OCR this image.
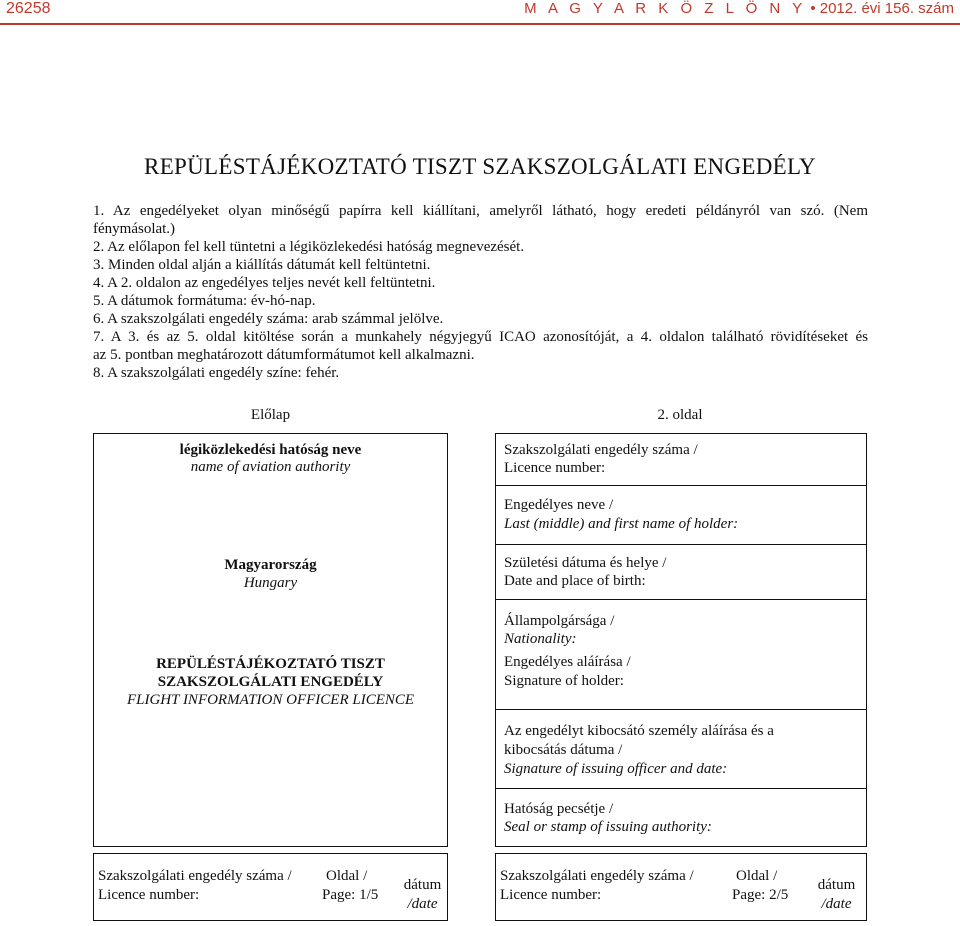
26258	M A G Y A R K Ö Z L Ö N Y • 2012. évi 156. szám
REPÜLÉSTÁJÉKOZTATÓ TISZT SZAKSZOLGÁLATI ENGEDÉLY
1. Az engedélyeket olyan minőségű papírra kell kiállítani, amelyről látható, hogy eredeti példányról van szó. (Nem
fénymásolat.)
2. Az előlapon fel kell tüntetni a légiközlekedési hatóság megnevezését.
3. Minden oldal alján a kiállítás dátumát kell feltüntetni.
4. A 2. oldalon az engedélyes teljes nevét kell feltüntetni.
5. A dátumok formátuma: év-hó-nap.
6. A szakszolgálati engedély száma: arab számmal jelölve.
7. A 3. és az 5. oldal kitöltése során a munkahely négyjegyű ICAO azonosítóját, a 4. oldalon található rövidítéseket és
az 5. pontban meghatározott dátumformátumot kell alkalmazni.
8. A szakszolgálati engedély színe: fehér.
Előlap	2. oldal
légiközlekedési hatóság neve
name of aviation authority
Magyarország
Hungary
REPÜLÉSTÁJÉKOZTATÓ TISZT
SZAKSZOLGÁLATI ENGEDÉLY
FLIGHT INFORMATION OFFICER LICENCE
Szakszolgálati engedély száma /
Licence number:
Engedélyes neve /
Last (middle) and first name of holder:
Születési dátuma és helye /
Date and place of birth:
Állampolgársága /
Nationality:
Engedélyes aláírása /
Signature of holder:
Az engedélyt kibocsátó személy aláírása és a
kibocsátás dátuma /
Signature of issuing officer and date:
Hatóság pecsétje /
Seal or stamp of issuing authority:
Szakszolgálati engedély száma /
Licence number:
Oldal /
Page: 1/5
dátum
/date
Szakszolgálati engedély száma /
Licence number:
Oldal /
Page: 2/5
dátum
/date
